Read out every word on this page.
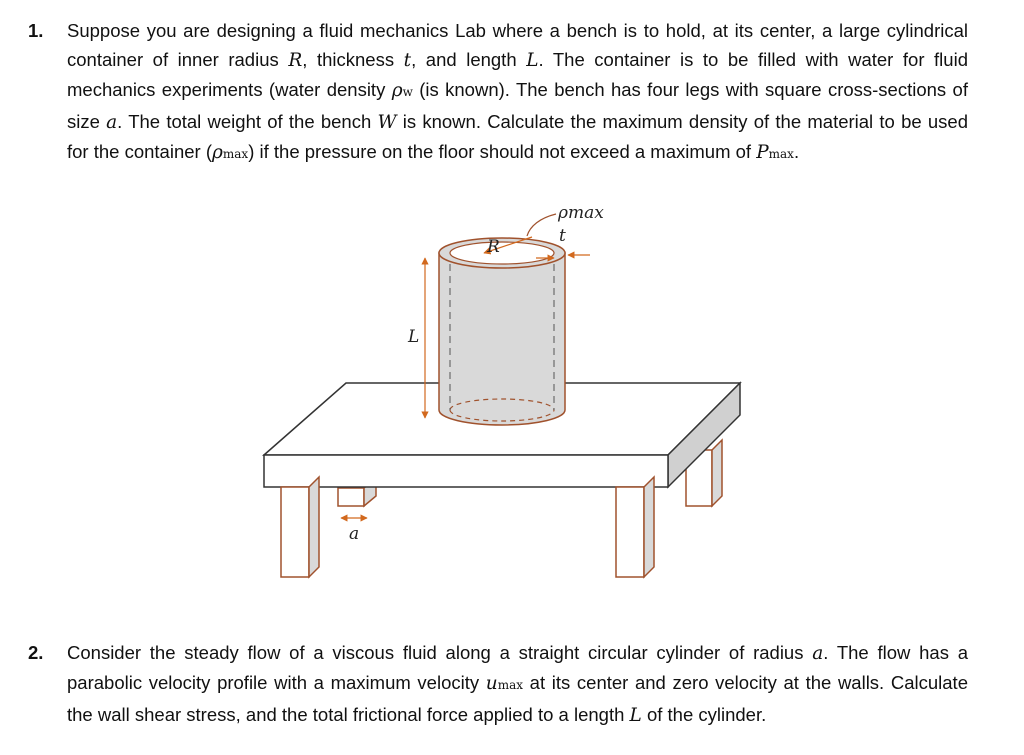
1. Suppose you are designing a fluid mechanics Lab where a bench is to hold, at its center, a large cylindrical container of inner radius R, thickness t, and length L. The container is to be filled with water for fluid mechanics experiments (water density ρw (is known). The bench has four legs with square cross-sections of size a. The total weight of the bench W is known. Calculate the maximum density of the material to be used for the container (ρmax) if the pressure on the floor should not exceed a maximum of Pmax.
L
R
ρmax
t
a
2. Consider the steady flow of a viscous fluid along a straight circular cylinder of radius a. The flow has a parabolic velocity profile with a maximum velocity umax at its center and zero velocity at the walls. Calculate the wall shear stress, and the total frictional force applied to a length L of the cylinder.
